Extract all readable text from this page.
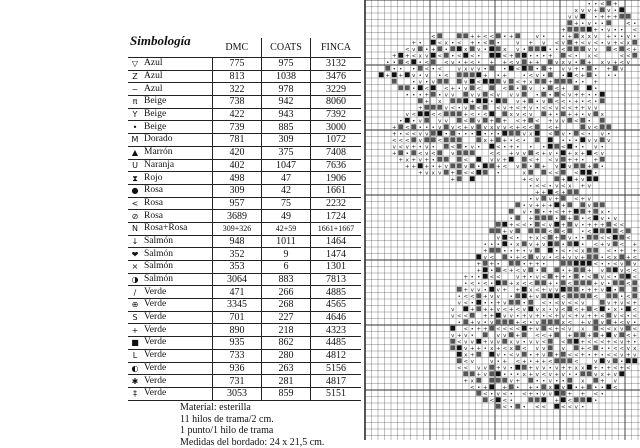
Simbología
			DMC	COATS	FINCA
▽	Azul	775	975	3132
Z	Azul	813	1038	3476
~	Azul	322	978	3229
π	Beige	738	942	8060
Y	Beige	422	943	7392
•	Beige	739	885	3000
M	Dorado	781	309	1072
▲	Marrón	420	375	7408
U	Naranja	402	1047	7636
⧗	Rojo	498	47	1906
●	Rosa	309	42	1661
<	Rosa	957	75	2232
⊘	Rosa	3689	49	1724
N	Rosa+Rosa	309+326	42+59	1661+1667
↓	Salmón	948	1011	1464
❤	Salmón	352	9	1474
×	Salmón	353	6	1301
◑	Salmón	3064	883	7813
∕	Verde	471	266	4885
⊕	Verde	3345	268	4565
S	Verde	701	227	4646
+	Verde	890	218	4323
■	Verde	935	862	4485
L	Verde	733	280	4812
◐	Verde	936	263	5156
✱	Verde	731	281	4817
‡	Verde	3053	859	5151
Material: esterilla
11 hilos de trama/2 cm.
1 punto/1 hilo de trama
Medidas del bordado: 24 x 21,5 cm.
• • < +
x v v + v •
v v	• + + +
+ • v • •	< •
+	+ • v • • <
<	+ + < < • +	v •	• + x x v + • • v •
+ •	< x • < + • < •	v + v < v + < v < • v + < x
< v • + •	x v •	x v •	• • <	v v	< < +
+ + < x v < • < < •	< +	• • • +	< • x <	< <
• • < • <	< v • + < • + + < v + +	v x v • + x v + < v
• • • < • <	v x v v •	• <	• + v v + • • + v
+ + v • v • <	+ • +	• < v •	• < + • • •
• v • v	v <	v < + x	+	• • +
• <	< + • v <	< • v • < +	•
• • • + • v v	v v < v v v	• • < v + + • •
+ x	+	•	v + • v < < • + • < •
+	v < • v <	< v + < + v • < < v < < + + v v
v <	< <	+ < • <	x v < v	+ • + + • v x
• • v	v v	< v + + < + < + v v < •
+ < • • • v v < + v v x v v < + < <	< +	v <
+ • < < v v	• • • • • • •	v x	< v • < • v •
< < < v	<	x + + • < •	• • • v v v
v < v + • v •	< • v •	< • + • • •	< • • v •
+ • < v <	v	< < + v v < + v • + x + < v
+ x + v + •	<	v v +	< + < v + + • +
+ + + • + v	v •	+ < v • + v v	+ •
+ v x v + < <	•	x	< <	<	•
+	+ < v	+ + v
• < < • v < x + v
+ + < +
• v v +	< + v
• v + + + +	v
v • • + < + +	+ x •
•	+	• + • < v • v
+ < < • < v + v • + + + < <
+ v	< <	• <	<
v < • + x < + v • •	< <	<
• • • • x v + v	•	• < + v < +
+	• • + • v	• < • < x	< • + +
v <	• + < v v • < + v v +	• < x + <
+ + •	• + + •	< • • < v v
+ • < + < v •	• +	+ v	v < <
+ • • < <	v + • v < + + • • < v < •	<
• < • < •	+ x < <	+ • <	+ v •	<
+ v v • v + + x < + v v	• + + v •
• < < + v v •	+ v	<	<	• <
v < • • • + v	•	< • < v < < v	v + v < +
v	+ + + v < + < v v x • v < < + < • x • <
v < <	+ + v v • + v + • < + v < + v + + < v < • <
• + v • v	+ < • v	x < + v v + < v •
< • + + < < < < + v < + < v x	< < x v <
v + v •	v v +	< < +	+	+ + v < +
< v v + v v x v • v v <	<	+ < < < + < v + •
v + + • x + < x < v v	v	+ < • • < < v x
x +	v • < v • + v + < < + • + • < < v + v
< v	v • + < + • + + <	<	v v •
< < v v + v •	+ v v • v + + x x + • + < + <
+ v	• • • x + v < v + v • •	v x + v
+ x	v +	• • v • •	x	+ v
< • +	+ • + • x v • + • • <
< • v < • < + • v v	+ + < •
< < •	+ <	•
< • • < <	< < v •
